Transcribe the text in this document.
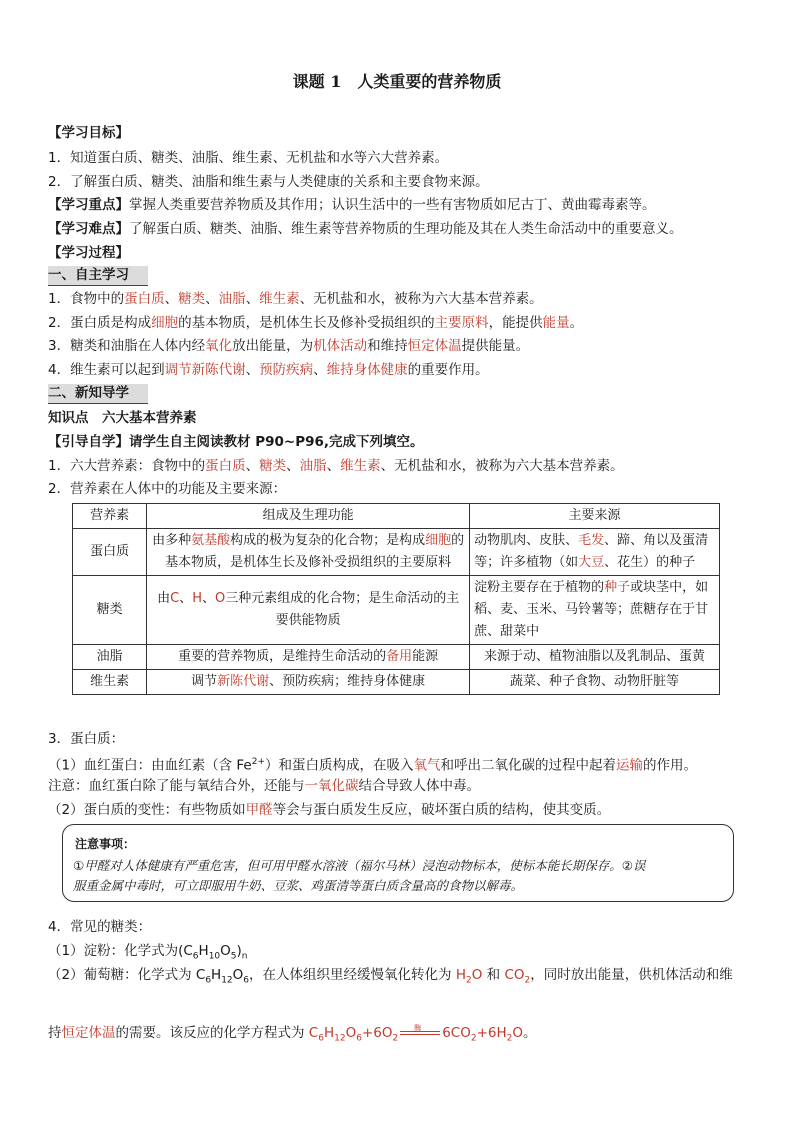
课题 1　人类重要的营养物质
【学习目标】
1．知道蛋白质、糖类、油脂、维生素、无机盐和水等六大营养素。
2．了解蛋白质、糖类、油脂和维生素与人类健康的关系和主要食物来源。
【学习重点】掌握人类重要营养物质及其作用；认识生活中的一些有害物质如尼古丁、黄曲霉毒素等。
【学习难点】了解蛋白质、糖类、油脂、维生素等营养物质的生理功能及其在人类生命活动中的重要意义。
【学习过程】
一、自主学习
1．食物中的蛋白质、糖类、油脂、维生素、无机盐和水，被称为六大基本营养素。
2．蛋白质是构成细胞的基本物质，是机体生长及修补受损组织的主要原料，能提供能量。
3．糖类和油脂在人体内经氧化放出能量，为机体活动和维持恒定体温提供能量。
4．维生素可以起到调节新陈代谢、预防疾病、维持身体健康的重要作用。
二、新知导学
知识点　六大基本营养素
【引导自学】请学生自主阅读教材 P90~P96,完成下列填空。
1．六大营养素：食物中的蛋白质、糖类、油脂、维生素、无机盐和水，被称为六大基本营养素。
2．营养素在人体中的功能及主要来源：
营养素	组成及生理功能	主要来源
蛋白质	由多种氨基酸构成的极为复杂的化合物；是构成细胞的基本物质，是机体生长及修补受损组织的主要原料	动物肌肉、皮肤、毛发、蹄、角以及蛋清等；许多植物（如大豆、花生）的种子
糖类	由C、H、O三种元素组成的化合物；是生命活动的主要供能物质	淀粉主要存在于植物的种子或块茎中，如稻、麦、玉米、马铃薯等；蔗糖存在于甘蔗、甜菜中
油脂	重要的营养物质，是维持生命活动的备用能源	来源于动、植物油脂以及乳制品、蛋黄
维生素	调节新陈代谢、预防疾病；维持身体健康	蔬菜、种子食物、动物肝脏等
3．蛋白质：
（1）血红蛋白：由血红素（含 $Fe^{2+}$）和蛋白质构成，在吸入氧气和呼出二氧化碳的过程中起着运输的作用。
注意：血红蛋白除了能与氧结合外，还能与一氧化碳结合导致人体中毒。
（2）蛋白质的变性：有些物质如甲醛等会与蛋白质发生反应，破坏蛋白质的结构，使其变质。
注意事项：
①甲醛对人体健康有严重危害，但可用甲醛水溶液（福尔马林）浸泡动物标本，使标本能长期保存。②误
服重金属中毒时，可立即服用牛奶、豆浆、鸡蛋清等蛋白质含量高的食物以解毒。
4．常见的糖类：
（1）淀粉：化学式为$(C_6H_{10}O_5)_n$
（2）葡萄糖：化学式为 $C_6H_{12}O_6$，在人体组织里经缓慢氧化转化为 $H_2O$ 和 $CO_2$，同时放出能量，供机体活动和维
持恒定体温的需要。该反应的化学方程式为 $C_6H_{12}O_6+6O_2$
酶 $6CO_2+6H_2O$。
